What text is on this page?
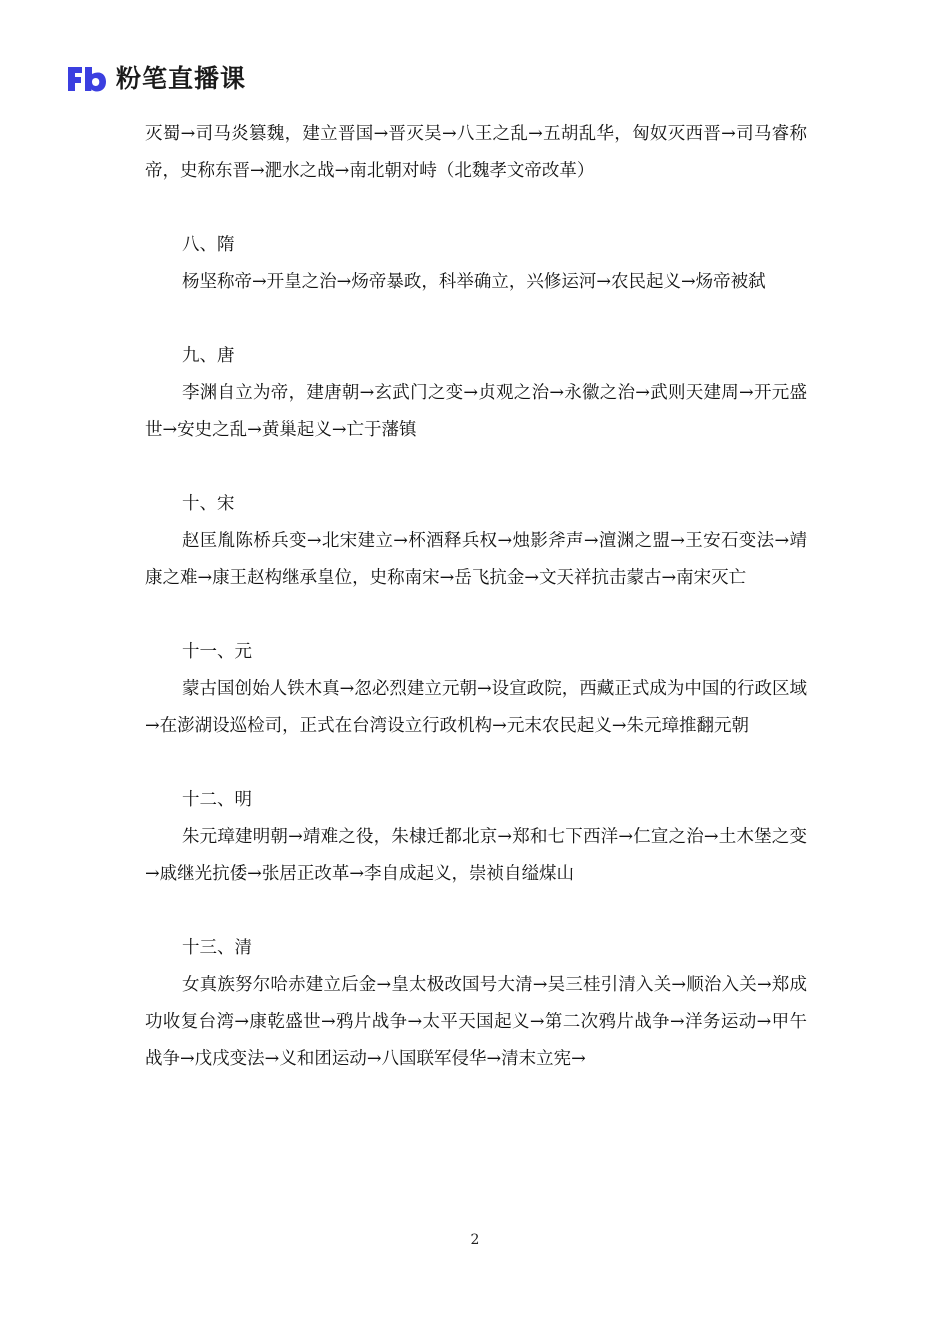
粉笔直播课

灭蜀→司马炎篡魏，建立晋国→晋灭吴→八王之乱→五胡乱华，匈奴灭西晋→司马睿称帝，史称东晋→淝水之战→南北朝对峙（北魏孝文帝改革）

八、隋

杨坚称帝→开皇之治→炀帝暴政，科举确立，兴修运河→农民起义→炀帝被弑

九、唐

李渊自立为帝，建唐朝→玄武门之变→贞观之治→永徽之治→武则天建周→开元盛世→安史之乱→黄巢起义→亡于藩镇

十、宋

赵匡胤陈桥兵变→北宋建立→杯酒释兵权→烛影斧声→澶渊之盟→王安石变法→靖康之难→康王赵构继承皇位，史称南宋→岳飞抗金→文天祥抗击蒙古→南宋灭亡

十一、元

蒙古国创始人铁木真→忽必烈建立元朝→设宣政院，西藏正式成为中国的行政区域→在澎湖设巡检司，正式在台湾设立行政机构→元末农民起义→朱元璋推翻元朝

十二、明

朱元璋建明朝→靖难之役，朱棣迁都北京→郑和七下西洋→仁宣之治→土木堡之变→戚继光抗倭→张居正改革→李自成起义，崇祯自缢煤山

十三、清

女真族努尔哈赤建立后金→皇太极改国号大清→吴三桂引清入关→顺治入关→郑成功收复台湾→康乾盛世→鸦片战争→太平天国起义→第二次鸦片战争→洋务运动→甲午战争→戊戌变法→义和团运动→八国联军侵华→清末立宪→

2
